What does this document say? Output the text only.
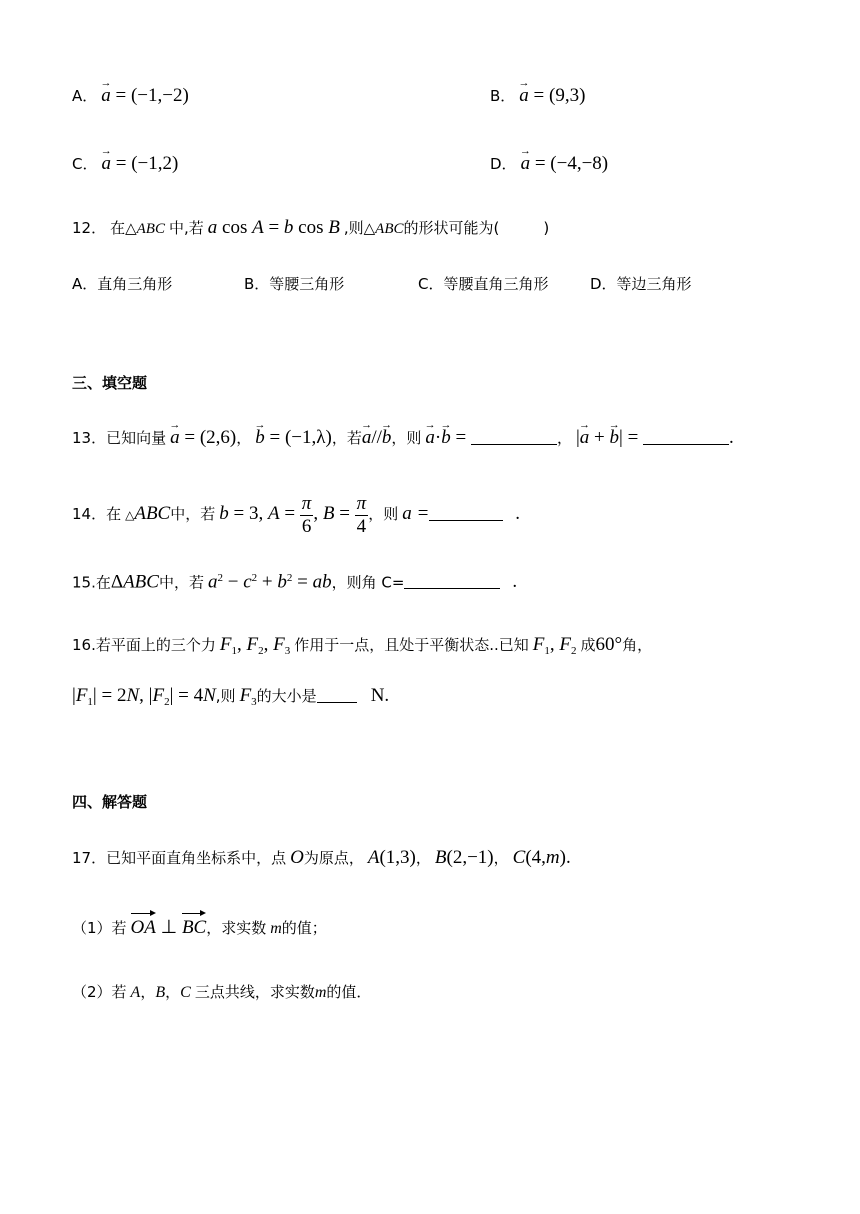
A． → a = (−1,−2)	B． → a = (9,3)
C． → a = (−1,2)	D． → a = (−4,−8)
12． 在△ABC 中,若 a cos A = b cos B ,则△ABC的形状可能为(	)
A．直角三角形	B．等腰三角形	C．等腰直角三角形	D．等边三角形
三、填空题
13．已知向量 → a = (2,6)， → b = (−1,λ)，若→ a//→ b，则 → a·→ b =	， |→ a + → b| =	.
14．在 △ABC中，若 b = 3, $A = \frac{\pi}{6}$ , $B = \frac{\pi}{4}$ ，则 a =	.
15.在ΔABC中，若 $a^2 - c^2 + b^2$ = ab，则角 C=	.
16.若平面上的三个力 $F_1$, $F_2$, $F_3$ 作用于一点，且处于平衡状态..已知 $F_1$, $F_2$ 成60°角，
$|F_1| = 2N$, $|F_2| = 4N$,则 $F_3$的大小是	N.
四、解答题
17．已知平面直角坐标系中，点 O为原点， A(1,3)， B(2,−1)， C(4,m).
（1）若 OA ⊥ BC，求实数 m的值；
（2）若 A，B，C 三点共线，求实数m的值．
